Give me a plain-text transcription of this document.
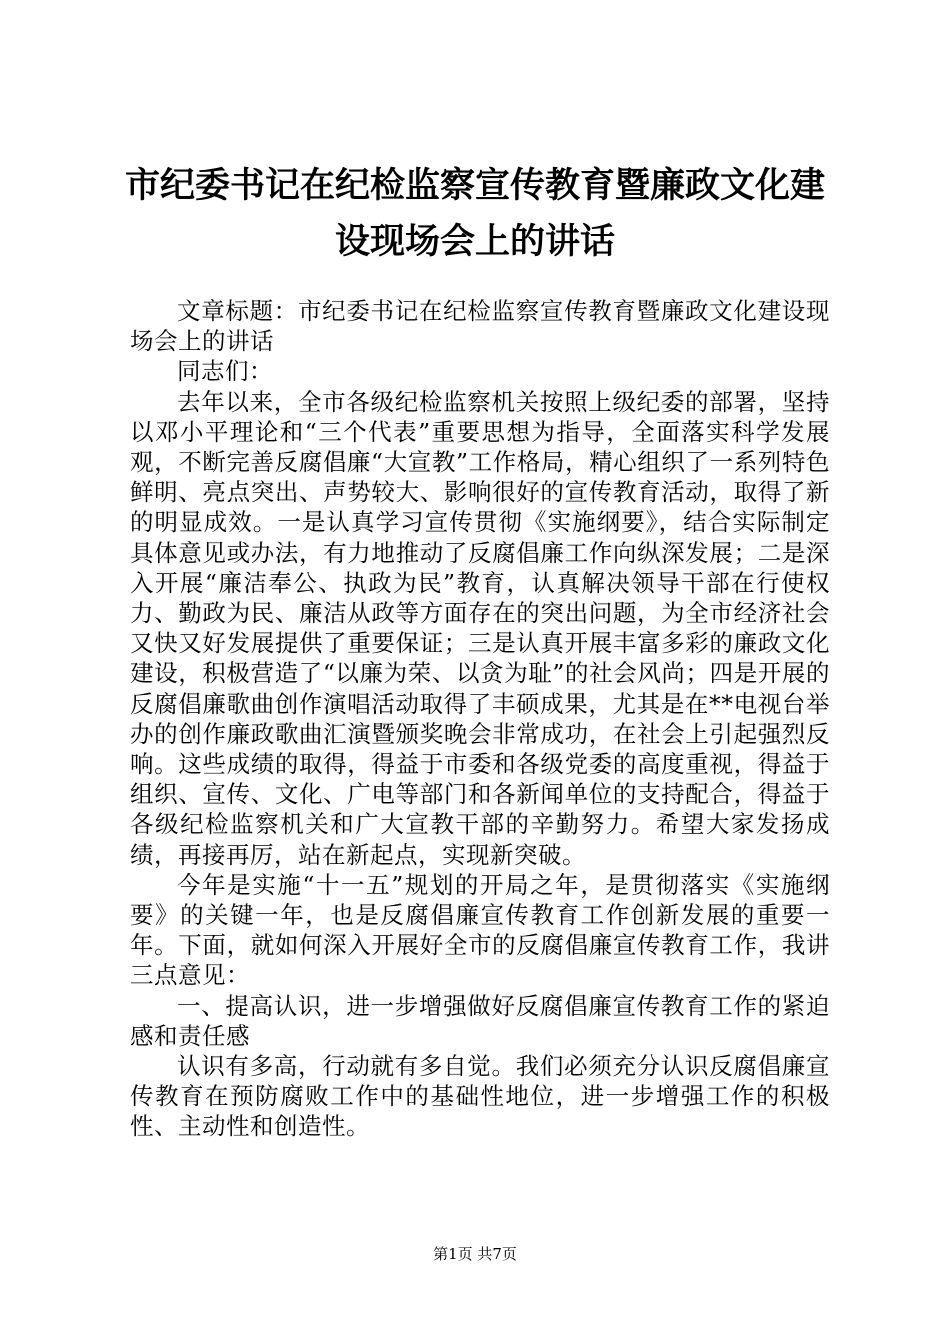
市纪委书记在纪检监察宣传教育暨廉政文化建设现场会上的讲话

文章标题：市纪委书记在纪检监察宣传教育暨廉政文化建设现场会上的讲话

同志们：

去年以来，全市各级纪检监察机关按照上级纪委的部署，坚持以邓小平理论和“三个代表”重要思想为指导，全面落实科学发展观，不断完善反腐倡廉“大宣教”工作格局，精心组织了一系列特色鲜明、亮点突出、声势较大、影响很好的宣传教育活动，取得了新的明显成效。一是认真学习宣传贯彻《实施纲要》，结合实际制定具体意见或办法，有力地推动了反腐倡廉工作向纵深发展；二是深入开展“廉洁奉公、执政为民”教育，认真解决领导干部在行使权力、勤政为民、廉洁从政等方面存在的突出问题，为全市经济社会又快又好发展提供了重要保证；三是认真开展丰富多彩的廉政文化建设，积极营造了“以廉为荣、以贪为耻”的社会风尚；四是开展的反腐倡廉歌曲创作演唱活动取得了丰硕成果，尤其是在**电视台举办的创作廉政歌曲汇演暨颁奖晚会非常成功，在社会上引起强烈反响。这些成绩的取得，得益于市委和各级党委的高度重视，得益于组织、宣传、文化、广电等部门和各新闻单位的支持配合，得益于各级纪检监察机关和广大宣教干部的辛勤努力。希望大家发扬成绩，再接再厉，站在新起点，实现新突破。

今年是实施“十一五”规划的开局之年，是贯彻落实《实施纲要》的关键一年，也是反腐倡廉宣传教育工作创新发展的重要一年。下面，就如何深入开展好全市的反腐倡廉宣传教育工作，我讲三点意见：

一、提高认识，进一步增强做好反腐倡廉宣传教育工作的紧迫感和责任感

认识有多高，行动就有多自觉。我们必须充分认识反腐倡廉宣传教育在预防腐败工作中的基础性地位，进一步增强工作的积极性、主动性和创造性。

第1页 共7页
